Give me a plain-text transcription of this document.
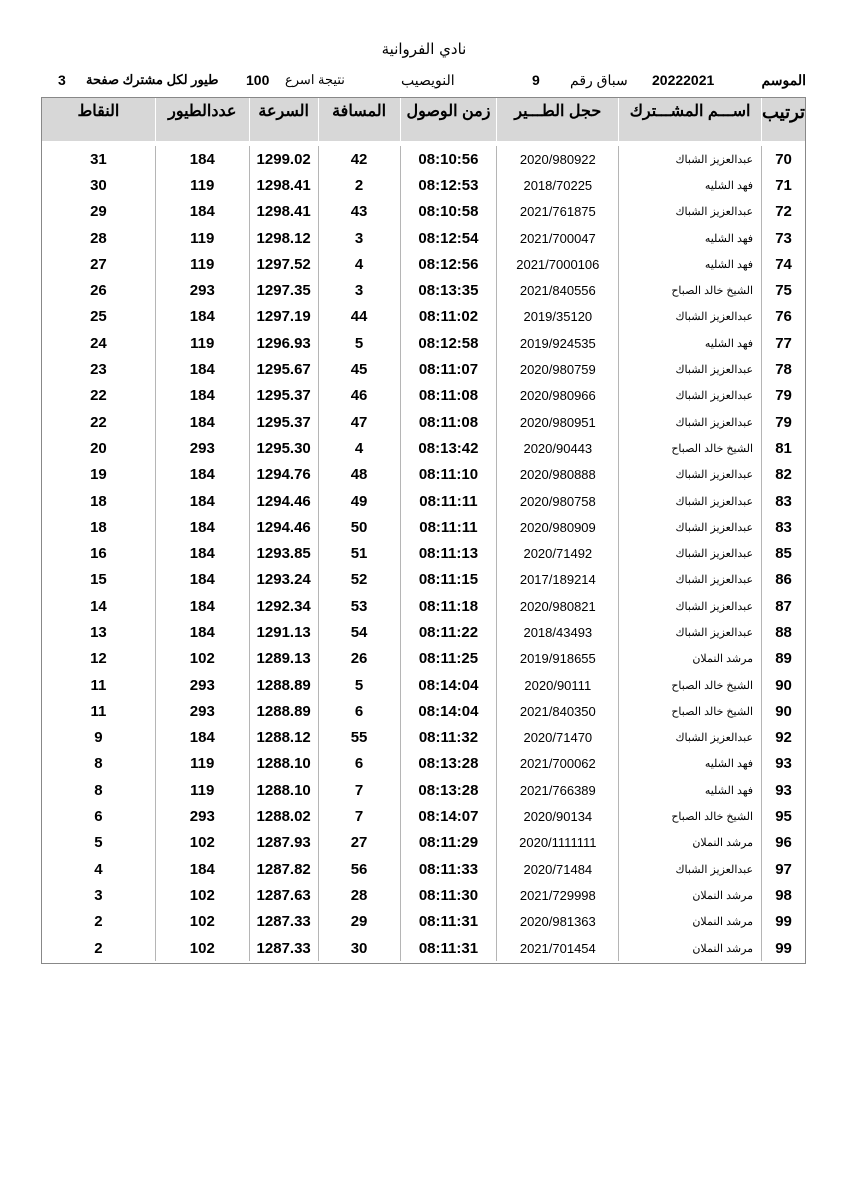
نادي الفروانية
الموسم
20222021
سباق رقم
9
النويصيب
نتيجة اسرع
100
طيور لكل مشترك صفحة
3
ترتيب
اســـم المشـــترك
حجل الطـــير
زمن الوصول
المسافة
السرعة
عددالطيور
النقاط
70
عبدالعزيز الشباك
2020/980922
08:10:56
42
1299.02
184
31
71
فهد الشليه
2018/70225
08:12:53
2
1298.41
119
30
72
عبدالعزيز الشباك
2021/761875
08:10:58
43
1298.41
184
29
73
فهد الشليه
2021/700047
08:12:54
3
1298.12
119
28
74
فهد الشليه
2021/7000106
08:12:56
4
1297.52
119
27
75
الشيخ خالد الصباح
2021/840556
08:13:35
3
1297.35
293
26
76
عبدالعزيز الشباك
2019/35120
08:11:02
44
1297.19
184
25
77
فهد الشليه
2019/924535
08:12:58
5
1296.93
119
24
78
عبدالعزيز الشباك
2020/980759
08:11:07
45
1295.67
184
23
79
عبدالعزيز الشباك
2020/980966
08:11:08
46
1295.37
184
22
79
عبدالعزيز الشباك
2020/980951
08:11:08
47
1295.37
184
22
81
الشيخ خالد الصباح
2020/90443
08:13:42
4
1295.30
293
20
82
عبدالعزيز الشباك
2020/980888
08:11:10
48
1294.76
184
19
83
عبدالعزيز الشباك
2020/980758
08:11:11
49
1294.46
184
18
83
عبدالعزيز الشباك
2020/980909
08:11:11
50
1294.46
184
18
85
عبدالعزيز الشباك
2020/71492
08:11:13
51
1293.85
184
16
86
عبدالعزيز الشباك
2017/189214
08:11:15
52
1293.24
184
15
87
عبدالعزيز الشباك
2020/980821
08:11:18
53
1292.34
184
14
88
عبدالعزيز الشباك
2018/43493
08:11:22
54
1291.13
184
13
89
مرشد النملان
2019/918655
08:11:25
26
1289.13
102
12
90
الشيخ خالد الصباح
2020/90111
08:14:04
5
1288.89
293
11
90
الشيخ خالد الصباح
2021/840350
08:14:04
6
1288.89
293
11
92
عبدالعزيز الشباك
2020/71470
08:11:32
55
1288.12
184
9
93
فهد الشليه
2021/700062
08:13:28
6
1288.10
119
8
93
فهد الشليه
2021/766389
08:13:28
7
1288.10
119
8
95
الشيخ خالد الصباح
2020/90134
08:14:07
7
1288.02
293
6
96
مرشد النملان
2020/1111111
08:11:29
27
1287.93
102
5
97
عبدالعزيز الشباك
2020/71484
08:11:33
56
1287.82
184
4
98
مرشد النملان
2021/729998
08:11:30
28
1287.63
102
3
99
مرشد النملان
2020/981363
08:11:31
29
1287.33
102
2
99
مرشد النملان
2021/701454
08:11:31
30
1287.33
102
2
